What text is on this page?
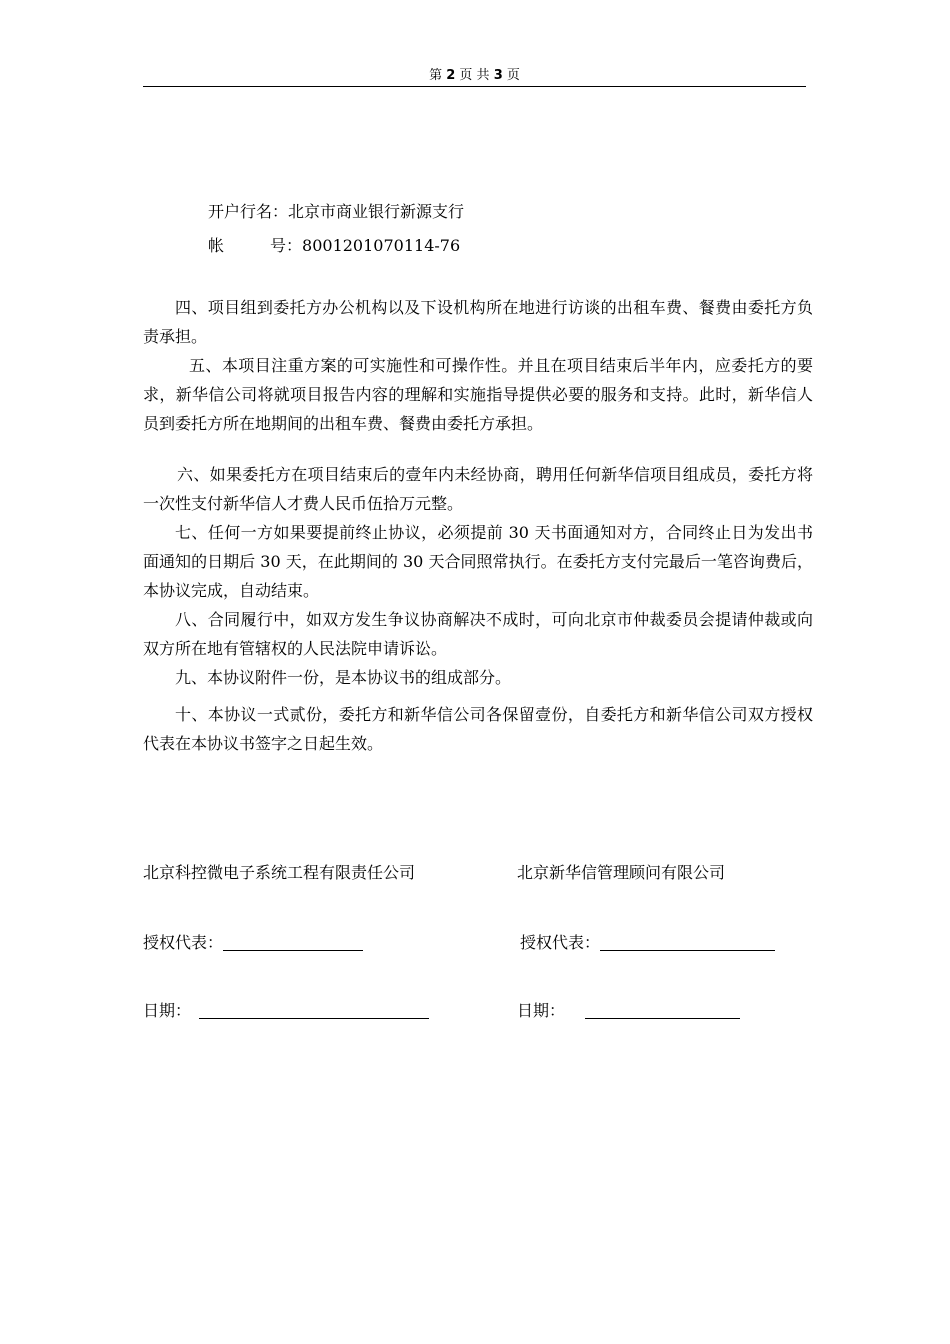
第 2 页 共 3 页
开户行名：北京市商业银行新源支行
帐	号：8001201070114-76
四、项目组到委托方办公机构以及下设机构所在地进行访谈的出租车费、餐费由委托方负责承担。
五、本项目注重方案的可实施性和可操作性。并且在项目结束后半年内，应委托方的要求，新华信公司将就项目报告内容的理解和实施指导提供必要的服务和支持。此时，新华信人员到委托方所在地期间的出租车费、餐费由委托方承担。
六、如果委托方在项目结束后的壹年内未经协商，聘用任何新华信项目组成员，委托方将一次性支付新华信人才费人民币伍拾万元整。
七、任何一方如果要提前终止协议，必须提前 30 天书面通知对方，合同终止日为发出书面通知的日期后 30 天，在此期间的 30 天合同照常执行。在委托方支付完最后一笔咨询费后，本协议完成，自动结束。
八、合同履行中，如双方发生争议协商解决不成时，可向北京市仲裁委员会提请仲裁或向双方所在地有管辖权的人民法院申请诉讼。
九、本协议附件一份，是本协议书的组成部分。
十、本协议一式贰份，委托方和新华信公司各保留壹份，自委托方和新华信公司双方授权代表在本协议书签字之日起生效。
北京科控微电子系统工程有限责任公司	北京新华信管理顾问有限公司
授权代表：	授权代表：
日期：	日期：
